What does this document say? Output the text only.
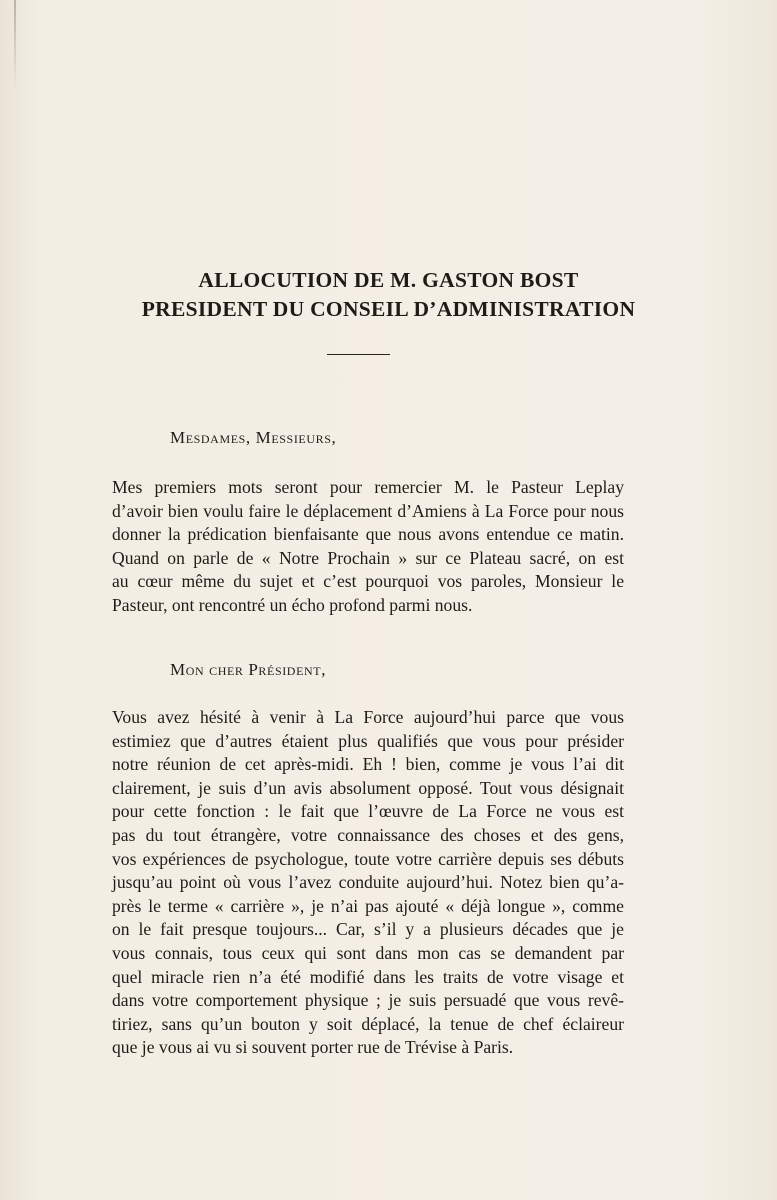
ALLOCUTION DE M. GASTON BOST
PRESIDENT DU CONSEIL D’ADMINISTRATION
Mesdames, Messieurs,
Mes premiers mots seront pour remercier M. le Pasteur Leplay
d’avoir bien voulu faire le déplacement d’Amiens à La Force pour nous
donner la prédication bienfaisante que nous avons entendue ce matin.
Quand on parle de « Notre Prochain » sur ce Plateau sacré, on est
au cœur même du sujet et c’est pourquoi vos paroles, Monsieur le
Pasteur, ont rencontré un écho profond parmi nous.
Mon cher Président,
Vous avez hésité à venir à La Force aujourd’hui parce que vous
estimiez que d’autres étaient plus qualifiés que vous pour présider
notre réunion de cet après-midi. Eh ! bien, comme je vous l’ai dit
clairement, je suis d’un avis absolument opposé. Tout vous désignait
pour cette fonction : le fait que l’œuvre de La Force ne vous est
pas du tout étrangère, votre connaissance des choses et des gens,
vos expériences de psychologue, toute votre carrière depuis ses débuts
jusqu’au point où vous l’avez conduite aujourd’hui. Notez bien qu’a-
près le terme « carrière », je n’ai pas ajouté « déjà longue », comme
on le fait presque toujours... Car, s’il y a plusieurs décades que je
vous connais, tous ceux qui sont dans mon cas se demandent par
quel miracle rien n’a été modifié dans les traits de votre visage et
dans votre comportement physique ; je suis persuadé que vous revê-
tiriez, sans qu’un bouton y soit déplacé, la tenue de chef éclaireur
que je vous ai vu si souvent porter rue de Trévise à Paris.
